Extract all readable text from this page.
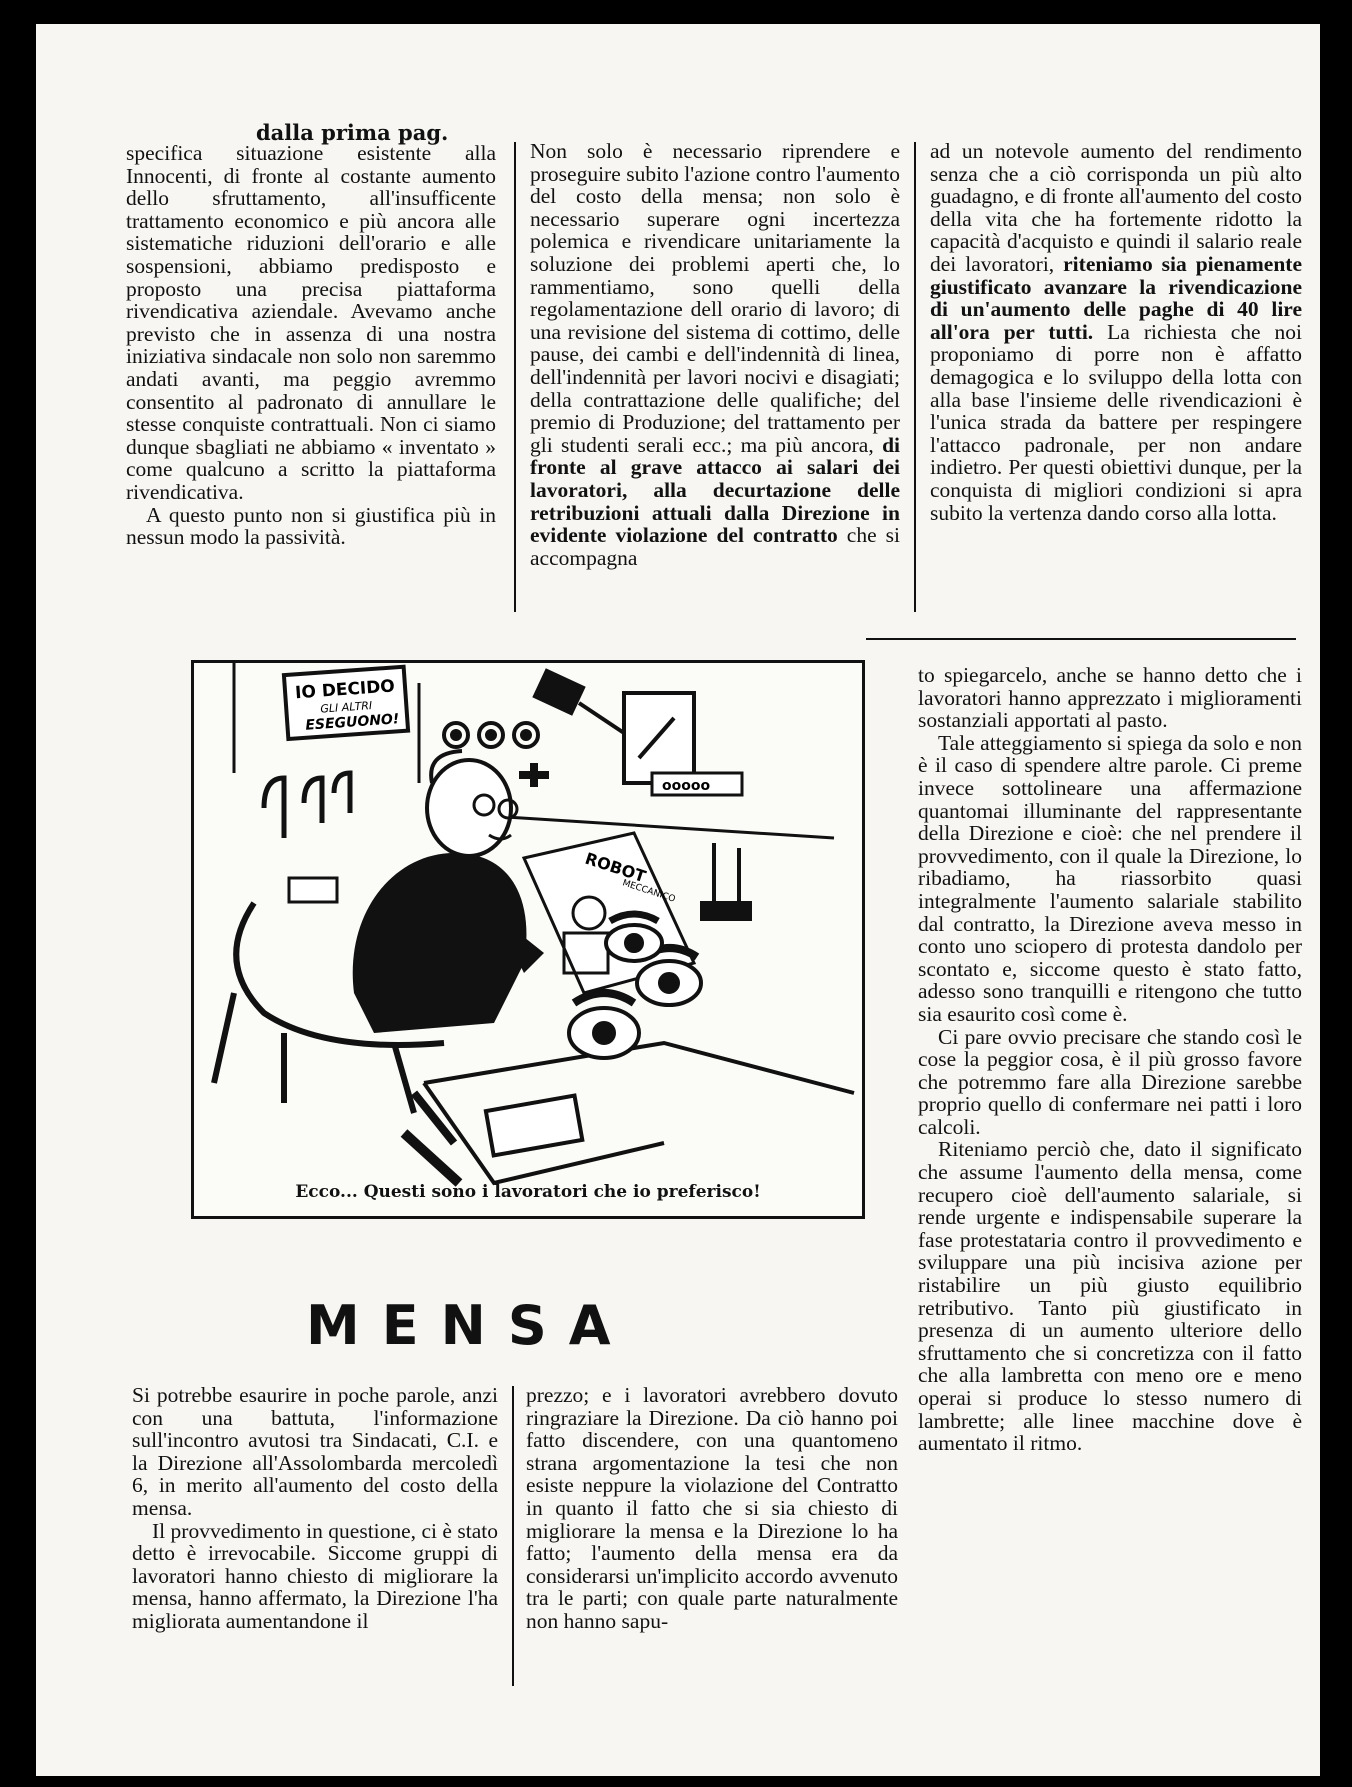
dalla prima pag.

specifica situazione esistente alla Innocenti, di fronte al costante aumento dello sfruttamento, all'insufficente trattamento economico e più ancora alle sistematiche riduzioni dell'orario e alle sospensioni, abbiamo predisposto e proposto una precisa piattaforma rivendicativa aziendale. Avevamo anche previsto che in assenza di una nostra iniziativa sindacale non solo non saremmo andati avanti, ma peggio avremmo consentito al padronato di annullare le stesse conquiste contrattuali. Non ci siamo dunque sbagliati ne abbiamo « inventato » come qualcuno a scritto la piattaforma rivendicativa.

A questo punto non si giustifica più in nessun modo la passività.

Non solo è necessario riprendere e proseguire subito l'azione contro l'aumento del costo della mensa; non solo è necessario superare ogni incertezza polemica e rivendicare unitariamente la soluzione dei problemi aperti che, lo rammentiamo, sono quelli della regolamentazione dell orario di lavoro; di una revisione del sistema di cottimo, delle pause, dei cambi e dell'indennità di linea, dell'indennità per lavori nocivi e disagiati; della contrattazione delle qualifiche; del premio di Produzione; del trattamento per gli studenti serali ecc.; ma più ancora, di fronte al grave attacco ai salari dei lavoratori, alla decurtazione delle retribuzioni attuali dalla Direzione in evidente violazione del contratto che si accompagna

ad un notevole aumento del rendimento senza che a ciò corrisponda un più alto guadagno, e di fronte all'aumento del costo della vita che ha fortemente ridotto la capacità d'acquisto e quindi il salario reale dei lavoratori, riteniamo sia pienamente giustificato avanzare la rivendicazione di un'aumento delle paghe di 40 lire all'ora per tutti. La richiesta che noi proponiamo di porre non è affatto demagogica e lo sviluppo della lotta con alla base l'insieme delle rivendicazioni è l'unica strada da battere per respingere l'attacco padronale, per non andare indietro. Per questi obiettivi dunque, per la conquista di migliori condizioni si apra subito la vertenza dando corso alla lotta.

IO DECIDO
GLI ALTRI
ESEGUONO!
ooooo
ROBOT
MECCANICO
Ecco... Questi sono i lavoratori che io preferisco!

to spiegarcelo, anche se hanno detto che i lavoratori hanno apprezzato i miglioramenti sostanziali apportati al pasto.

Tale atteggiamento si spiega da solo e non è il caso di spendere altre parole. Ci preme invece sottolineare una affermazione quantomai illuminante del rappresentante della Direzione e cioè: che nel prendere il provvedimento, con il quale la Direzione, lo ribadiamo, ha riassorbito quasi integralmente l'aumento salariale stabilito dal contratto, la Direzione aveva messo in conto uno sciopero di protesta dandolo per scontato e, siccome questo è stato fatto, adesso sono tranquilli e ritengono che tutto sia esaurito così come è.

Ci pare ovvio precisare che stando così le cose la peggior cosa, è il più grosso favore che potremmo fare alla Direzione sarebbe proprio quello di confermare nei patti i loro calcoli.

Riteniamo perciò che, dato il significato che assume l'aumento della mensa, come recupero cioè dell'aumento salariale, si rende urgente e indispensabile superare la fase protestataria contro il provvedimento e sviluppare una più incisiva azione per ristabilire un più giusto equilibrio retributivo. Tanto più giustificato in presenza di un aumento ulteriore dello sfruttamento che si concretizza con il fatto che alla lambretta con meno ore e meno operai si produce lo stesso numero di lambrette; alle linee macchine dove è aumentato il ritmo.

MENSA

Si potrebbe esaurire in poche parole, anzi con una battuta, l'informazione sull'incontro avutosi tra Sindacati, C.I. e la Direzione all'Assolombarda mercoledì 6, in merito all'aumento del costo della mensa.

Il provvedimento in questione, ci è stato detto è irrevocabile. Siccome gruppi di lavoratori hanno chiesto di migliorare la mensa, hanno affermato, la Direzione l'ha migliorata aumentandone il

prezzo; e i lavoratori avrebbero dovuto ringraziare la Direzione. Da ciò hanno poi fatto discendere, con una quantomeno strana argomentazione la tesi che non esiste neppure la violazione del Contratto in quanto il fatto che si sia chiesto di migliorare la mensa e la Direzione lo ha fatto; l'aumento della mensa era da considerarsi un'implicito accordo avvenuto tra le parti; con quale parte naturalmente non hanno sapu-
